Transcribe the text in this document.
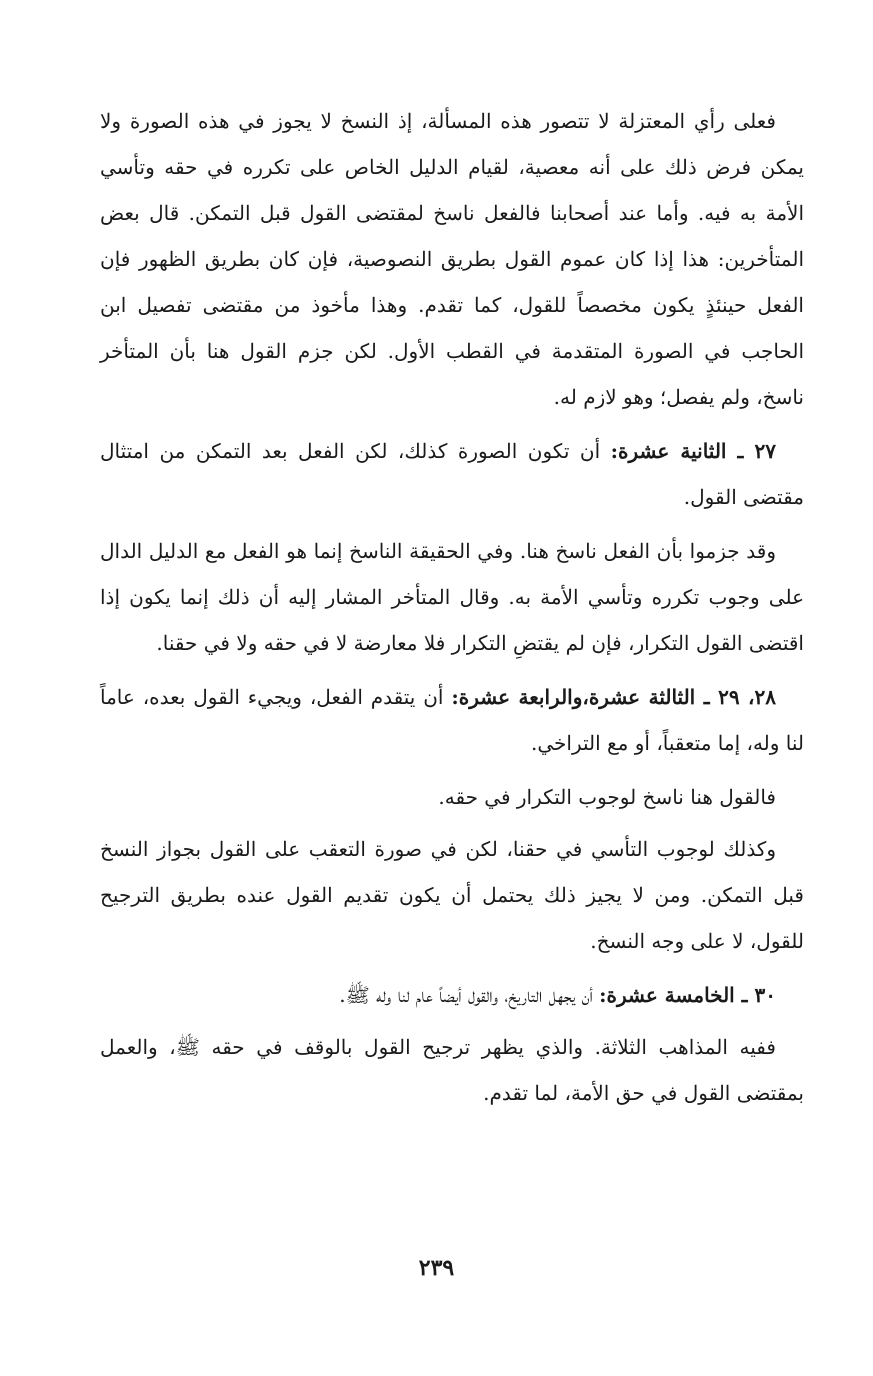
فعلى رأي المعتزلة لا تتصور هذه المسألة، إذ النسخ لا يجوز في هذه الصورة ولا يمكن فرض ذلك على أنه معصية، لقيام الدليل الخاص على تكرره في حقه وتأسي الأمة به فيه. وأما عند أصحابنا فالفعل ناسخ لمقتضى القول قبل التمكن. قال بعض المتأخرين: هذا إذا كان عموم القول بطريق النصوصية، فإن كان بطريق الظهور فإن الفعل حينئذٍ يكون مخصصاً للقول، كما تقدم. وهذا مأخوذ من مقتضى تفصيل ابن الحاجب في الصورة المتقدمة في القطب الأول. لكن جزم القول هنا بأن المتأخر ناسخ، ولم يفصل؛ وهو لازم له.

٢٧ ـ الثانية عشرة: أن تكون الصورة كذلك، لكن الفعل بعد التمكن من امتثال مقتضى القول.

وقد جزموا بأن الفعل ناسخ هنا. وفي الحقيقة الناسخ إنما هو الفعل مع الدليل الدال على وجوب تكرره وتأسي الأمة به. وقال المتأخر المشار إليه أن ذلك إنما يكون إذا اقتضى القول التكرار، فإن لم يقتضِ التكرار فلا معارضة لا في حقه ولا في حقنا.

٢٨، ٢٩ ـ الثالثة عشرة،والرابعة عشرة: أن يتقدم الفعل، ويجيء القول بعده، عاماً لنا وله، إما متعقباً، أو مع التراخي.

فالقول هنا ناسخ لوجوب التكرار في حقه.

وكذلك لوجوب التأسي في حقنا، لكن في صورة التعقب على القول بجواز النسخ قبل التمكن. ومن لا يجيز ذلك يحتمل أن يكون تقديم القول عنده بطريق الترجيح للقول، لا على وجه النسخ.

٣٠ ـ الخامسة عشرة: أن يجهل التاريخ، والقول أيضاً عام لنا وله ﷺ.

ففيه المذاهب الثلاثة. والذي يظهر ترجيح القول بالوقف في حقه ﷺ، والعمل بمقتضى القول في حق الأمة، لما تقدم.

٢٣٩
